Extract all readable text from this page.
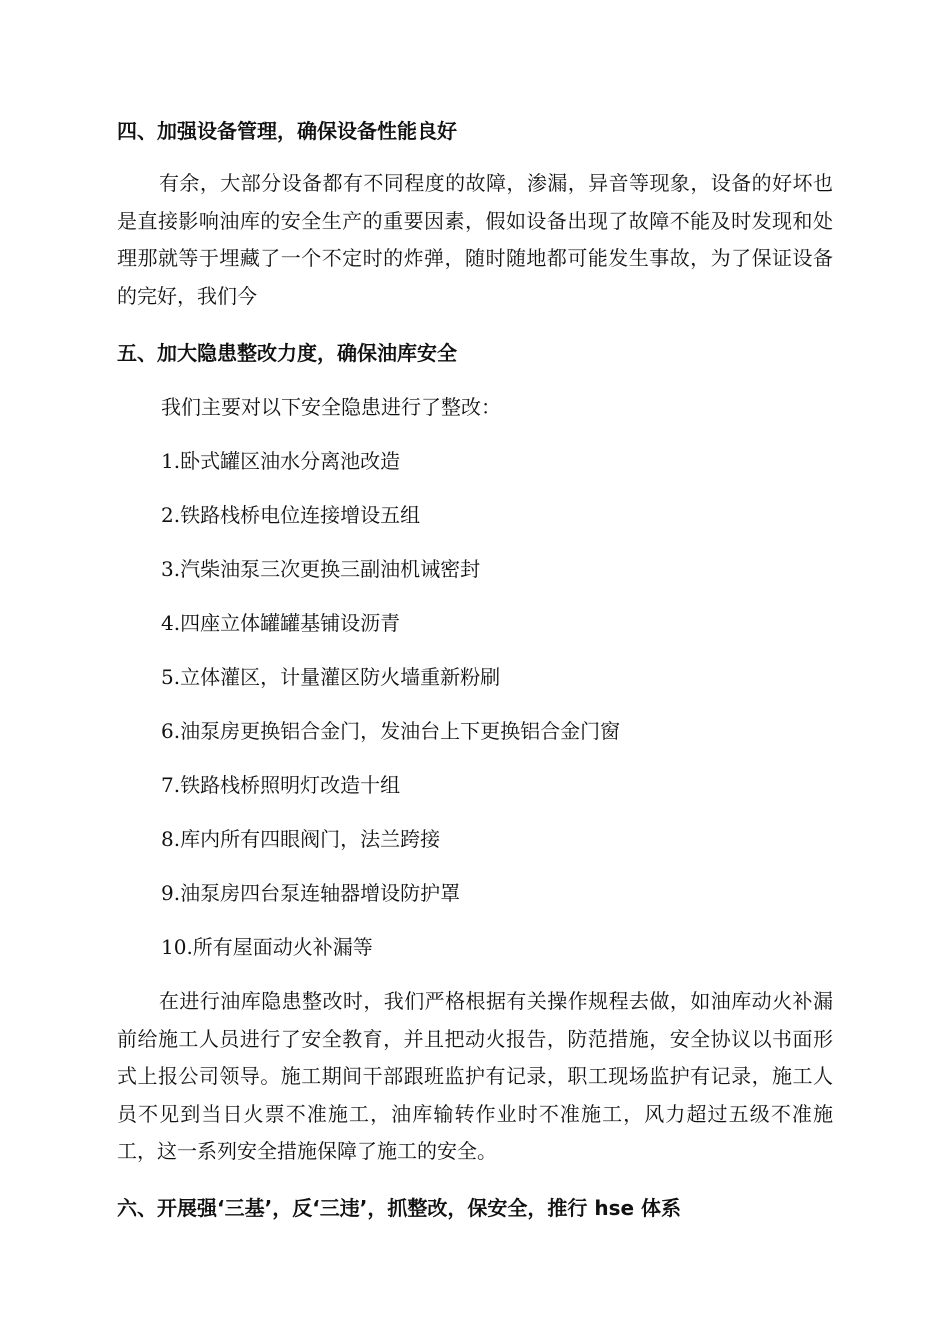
四、加强设备管理，确保设备性能良好
有余，大部分设备都有不同程度的故障，渗漏，异音等现象，设备的好坏也是直接影响油库的安全生产的重要因素，假如设备出现了故障不能及时发现和处理那就等于埋藏了一个不定时的炸弹，随时随地都可能发生事故，为了保证设备的完好，我们今
五、加大隐患整改力度，确保油库安全
我们主要对以下安全隐患进行了整改：
1.卧式罐区油水分离池改造
2.铁路栈桥电位连接增设五组
3.汽柴油泵三次更换三副油机诫密封
4.四座立体罐罐基铺设沥青
5.立体灌区，计量灌区防火墙重新粉刷
6.油泵房更换铝合金门，发油台上下更换铝合金门窗
7.铁路栈桥照明灯改造十组
8.库内所有四眼阀门，法兰跨接
9.油泵房四台泵连轴器增设防护罩
10.所有屋面动火补漏等
在进行油库隐患整改时，我们严格根据有关操作规程去做，如油库动火补漏前给施工人员进行了安全教育，并且把动火报告，防范措施，安全协议以书面形式上报公司领导。施工期间干部跟班监护有记录，职工现场监护有记录，施工人员不见到当日火票不准施工，油库输转作业时不准施工，风力超过五级不准施工，这一系列安全措施保障了施工的安全。
六、开展强‘三基’，反‘三违’，抓整改，保安全，推行 hse 体系
